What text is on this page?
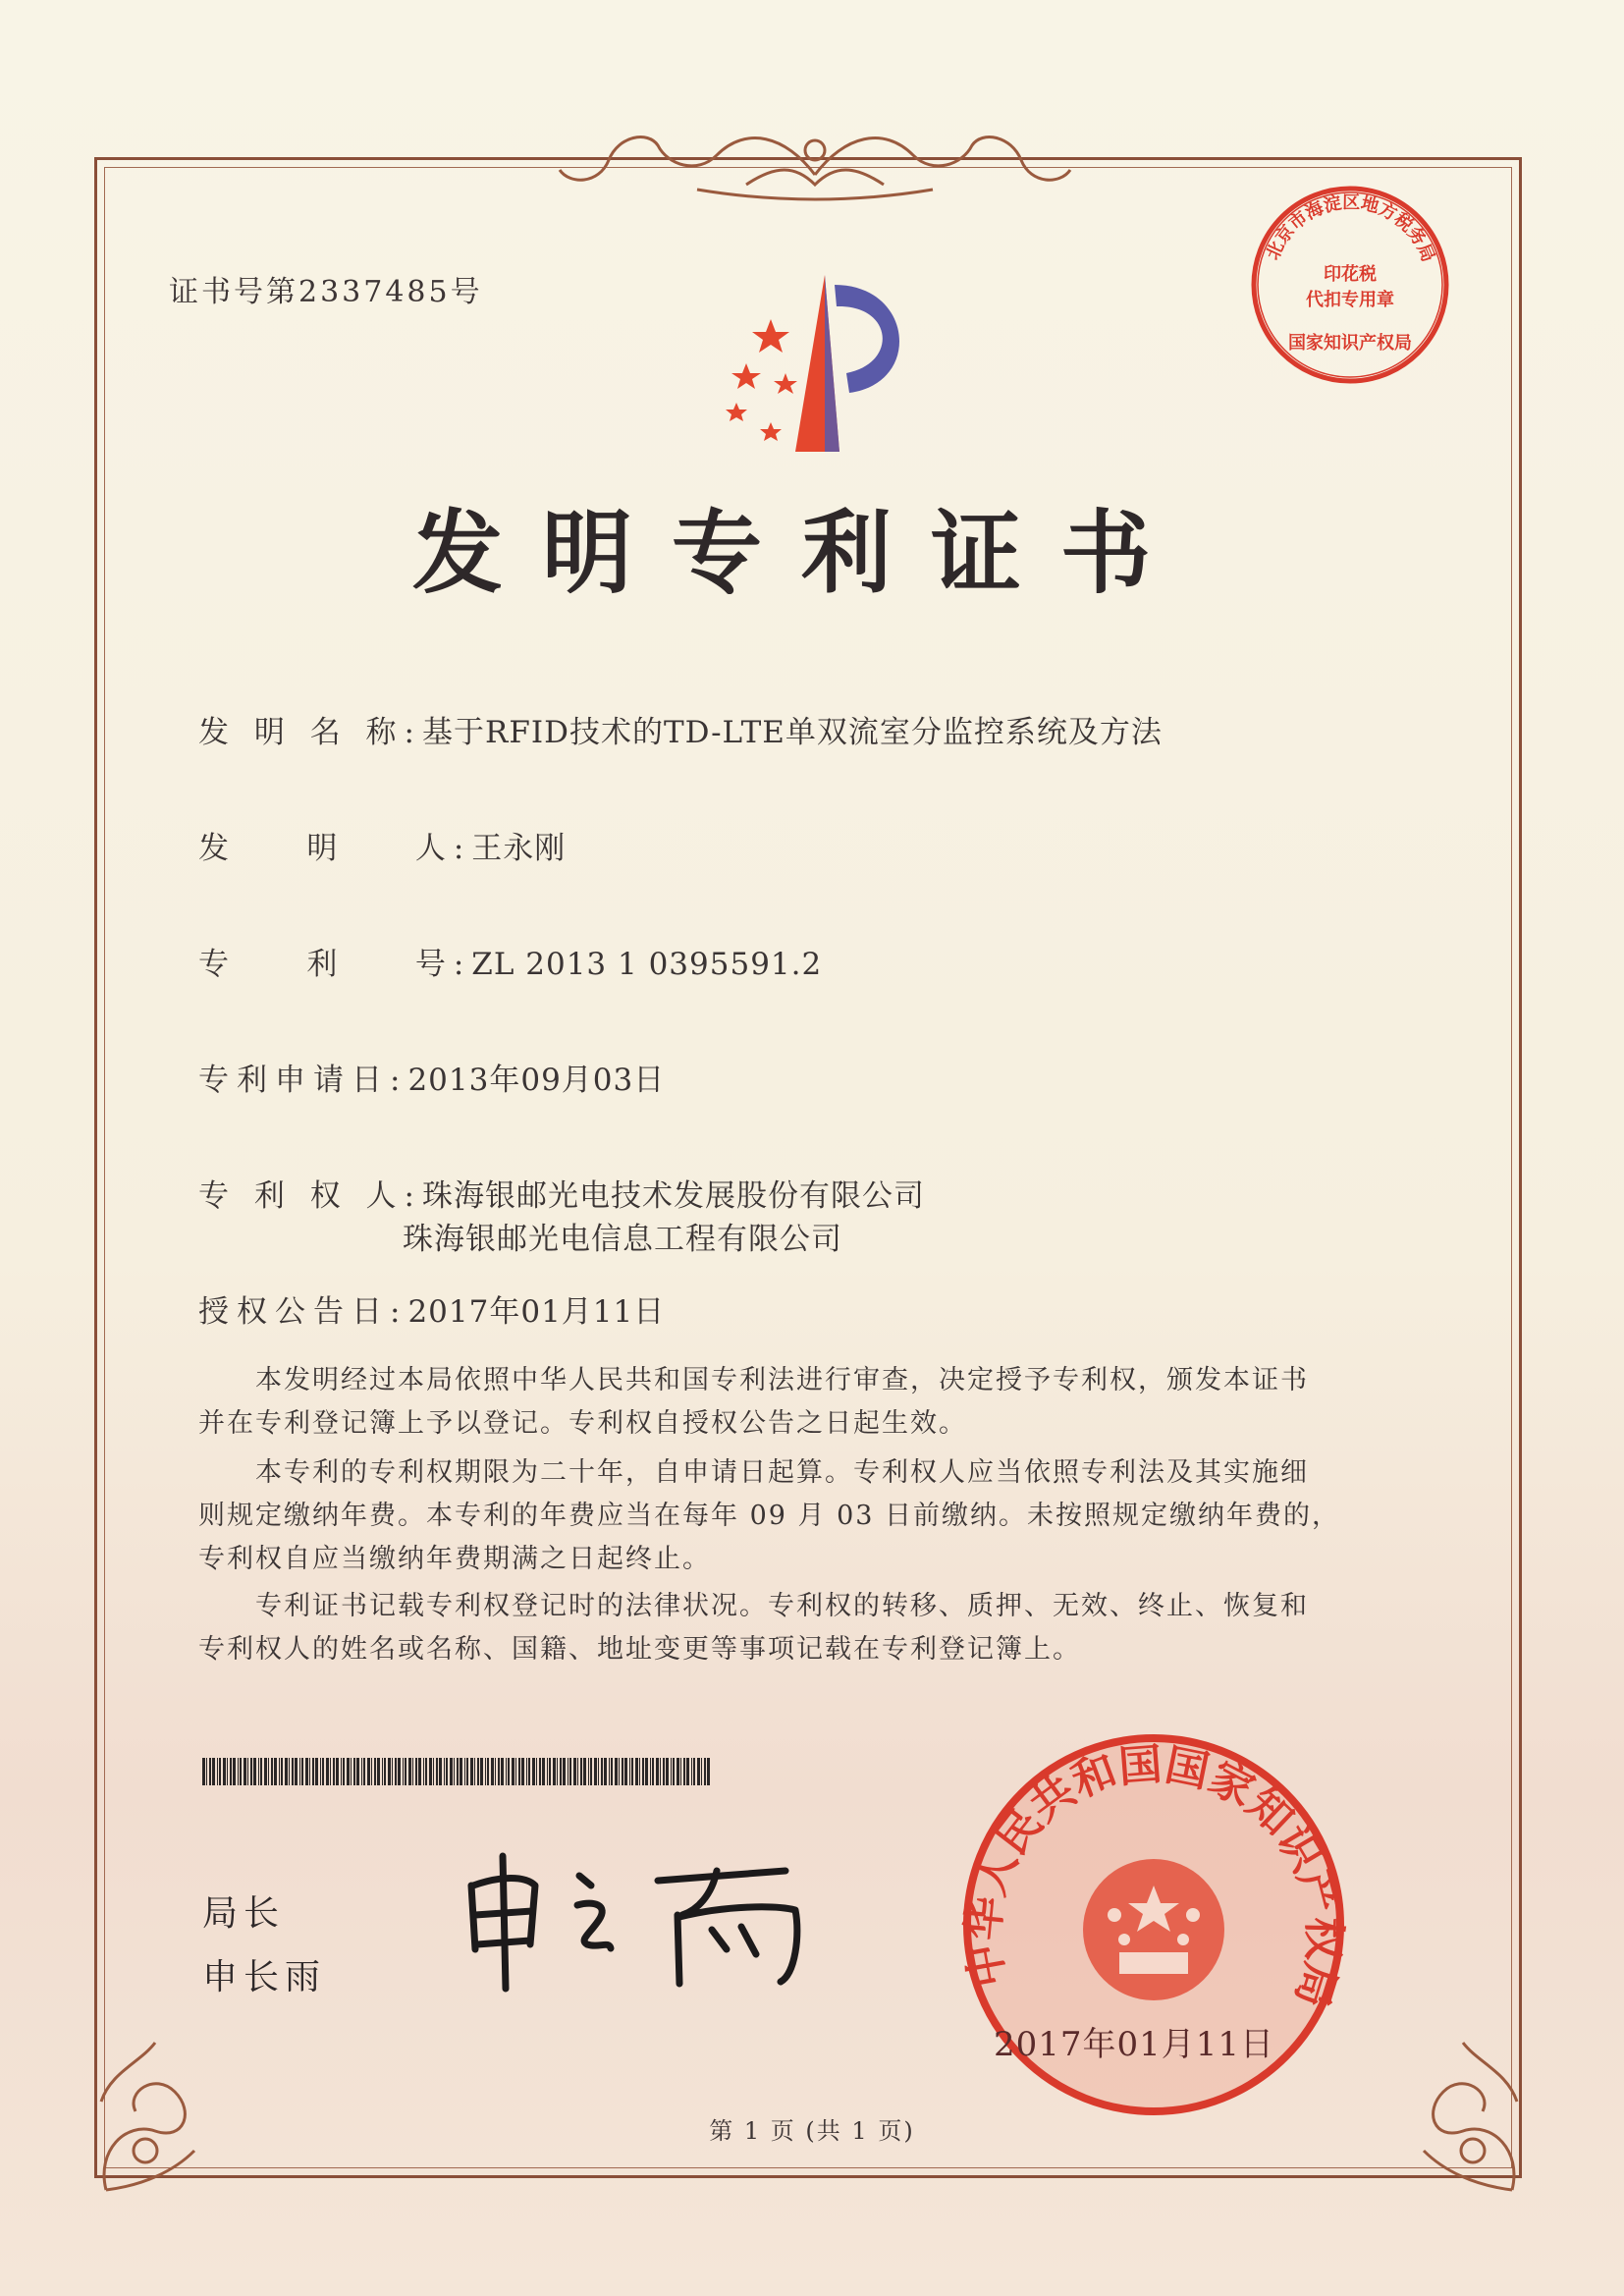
证书号第2337485号
发明专利证书
发 明 名 称:基于RFID技术的TD-LTE单双流室分监控系统及方法
发    明    人:王永刚
专    利    号:ZL 2013 1 0395591.2
专利申请日:2013年09月03日
专 利 权 人:珠海银邮光电技术发展股份有限公司
珠海银邮光电信息工程有限公司
授权公告日:2017年01月11日

本发明经过本局依照中华人民共和国专利法进行审查，决定授予专利权，颁发本证书

并在专利登记簿上予以登记。专利权自授权公告之日起生效。

本专利的专利权期限为二十年，自申请日起算。专利权人应当依照专利法及其实施细

则规定缴纳年费。本专利的年费应当在每年 09 月 03 日前缴纳。未按照规定缴纳年费的，

专利权自应当缴纳年费期满之日起终止。

专利证书记载专利权登记时的法律状况。专利权的转移、质押、无效、终止、恢复和

专利权人的姓名或名称、国籍、地址变更等事项记载在专利登记簿上。

局长
申长雨
北京市海淀区地方税务局
印花税
代扣专用章
国家知识产权局
中华人民共和国国家知识产权局
2017年01月11日
第 1 页 (共 1 页)
